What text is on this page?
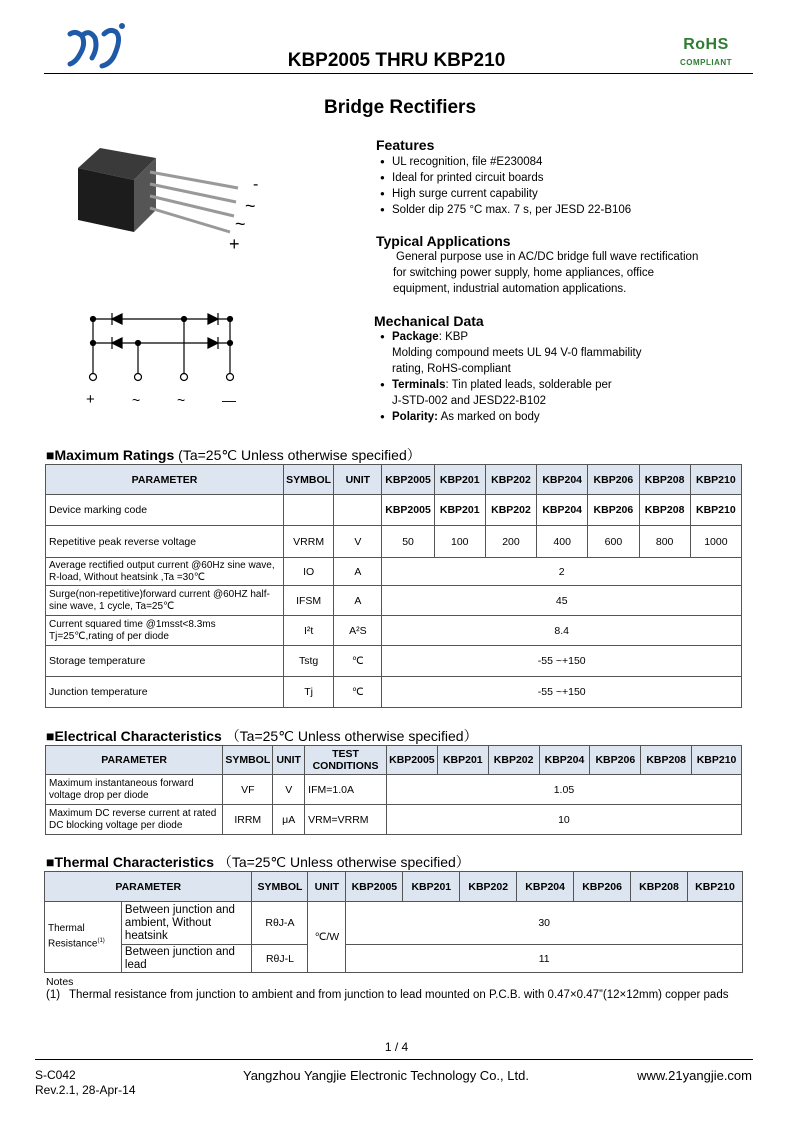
KBP2005 THRU KBP210
RoHS
COMPLIANT
Bridge Rectifiers
-
~
~
+
+	~	~	—
Features
● UL recognition, file #E230084
● Ideal for printed circuit boards
● High surge current capability
● Solder dip 275 °C max. 7 s, per JESD 22-B106
Typical Applications
General purpose use in AC/DC bridge full wave rectification
for switching power supply, home appliances, office
equipment, industrial automation applications.
Mechanical Data
● Package: KBP
Molding compound meets UL 94 V-0 flammability
rating, RoHS-compliant
● Terminals: Tin plated leads, solderable per
J-STD-002 and JESD22-B102
● Polarity: As marked on body
■Maximum Ratings (Ta=25℃ Unless otherwise specified）
PARAMETER	SYMBOL	UNIT	KBP2005	KBP201	KBP202	KBP204	KBP206	KBP208	KBP210
Device marking code			KBP2005	KBP201	KBP202	KBP204	KBP206	KBP208	KBP210
Repetitive peak reverse voltage	VRRM	V	50	100	200	400	600	800	1000
Average rectified output current @60Hz sine wave, R-load, Without heatsink ,Ta =30℃	IO	A	2						
Surge(non-repetitive)forward current @60HZ half-sine wave, 1 cycle, Ta=25℃	IFSM	A	45						
Current squared time @1msst<8.3ms Tj=25℃,rating of per diode	I²t	A²S	8.4						
Storage temperature	Tstg	℃	-55 ~+150						
Junction temperature	Tj	℃	-55 ~+150						
■Electrical Characteristics （Ta=25℃ Unless otherwise specified）
PARAMETER	SYMBOL	UNIT	TEST CONDITIONS	KBP2005	KBP201	KBP202	KBP204	KBP206	KBP208	KBP210
Maximum instantaneous forward voltage drop per diode	VF	V	IFM=1.0A	1.05						
Maximum DC reverse current at rated DC blocking voltage per diode	IRRM	μA	VRM=VRRM	10						
■Thermal Characteristics （Ta=25℃ Unless otherwise specified）
PARAMETER		SYMBOL	UNIT	KBP2005	KBP201	KBP202	KBP204	KBP206	KBP208	KBP210
Thermal Resistance$^{(1)}$	Between junction and ambient, Without heatsink	RθJ-A	℃/W	30						
	Between junction and lead	RθJ-L		11						
Notes
(1) Thermal resistance from junction to ambient and from junction to lead mounted on P.C.B. with 0.47×0.47”(12×12mm) copper pads
1 / 4
S-C042
Rev.2.1, 28-Apr-14
Yangzhou Yangjie Electronic Technology Co., Ltd.	www.21yangjie.com
